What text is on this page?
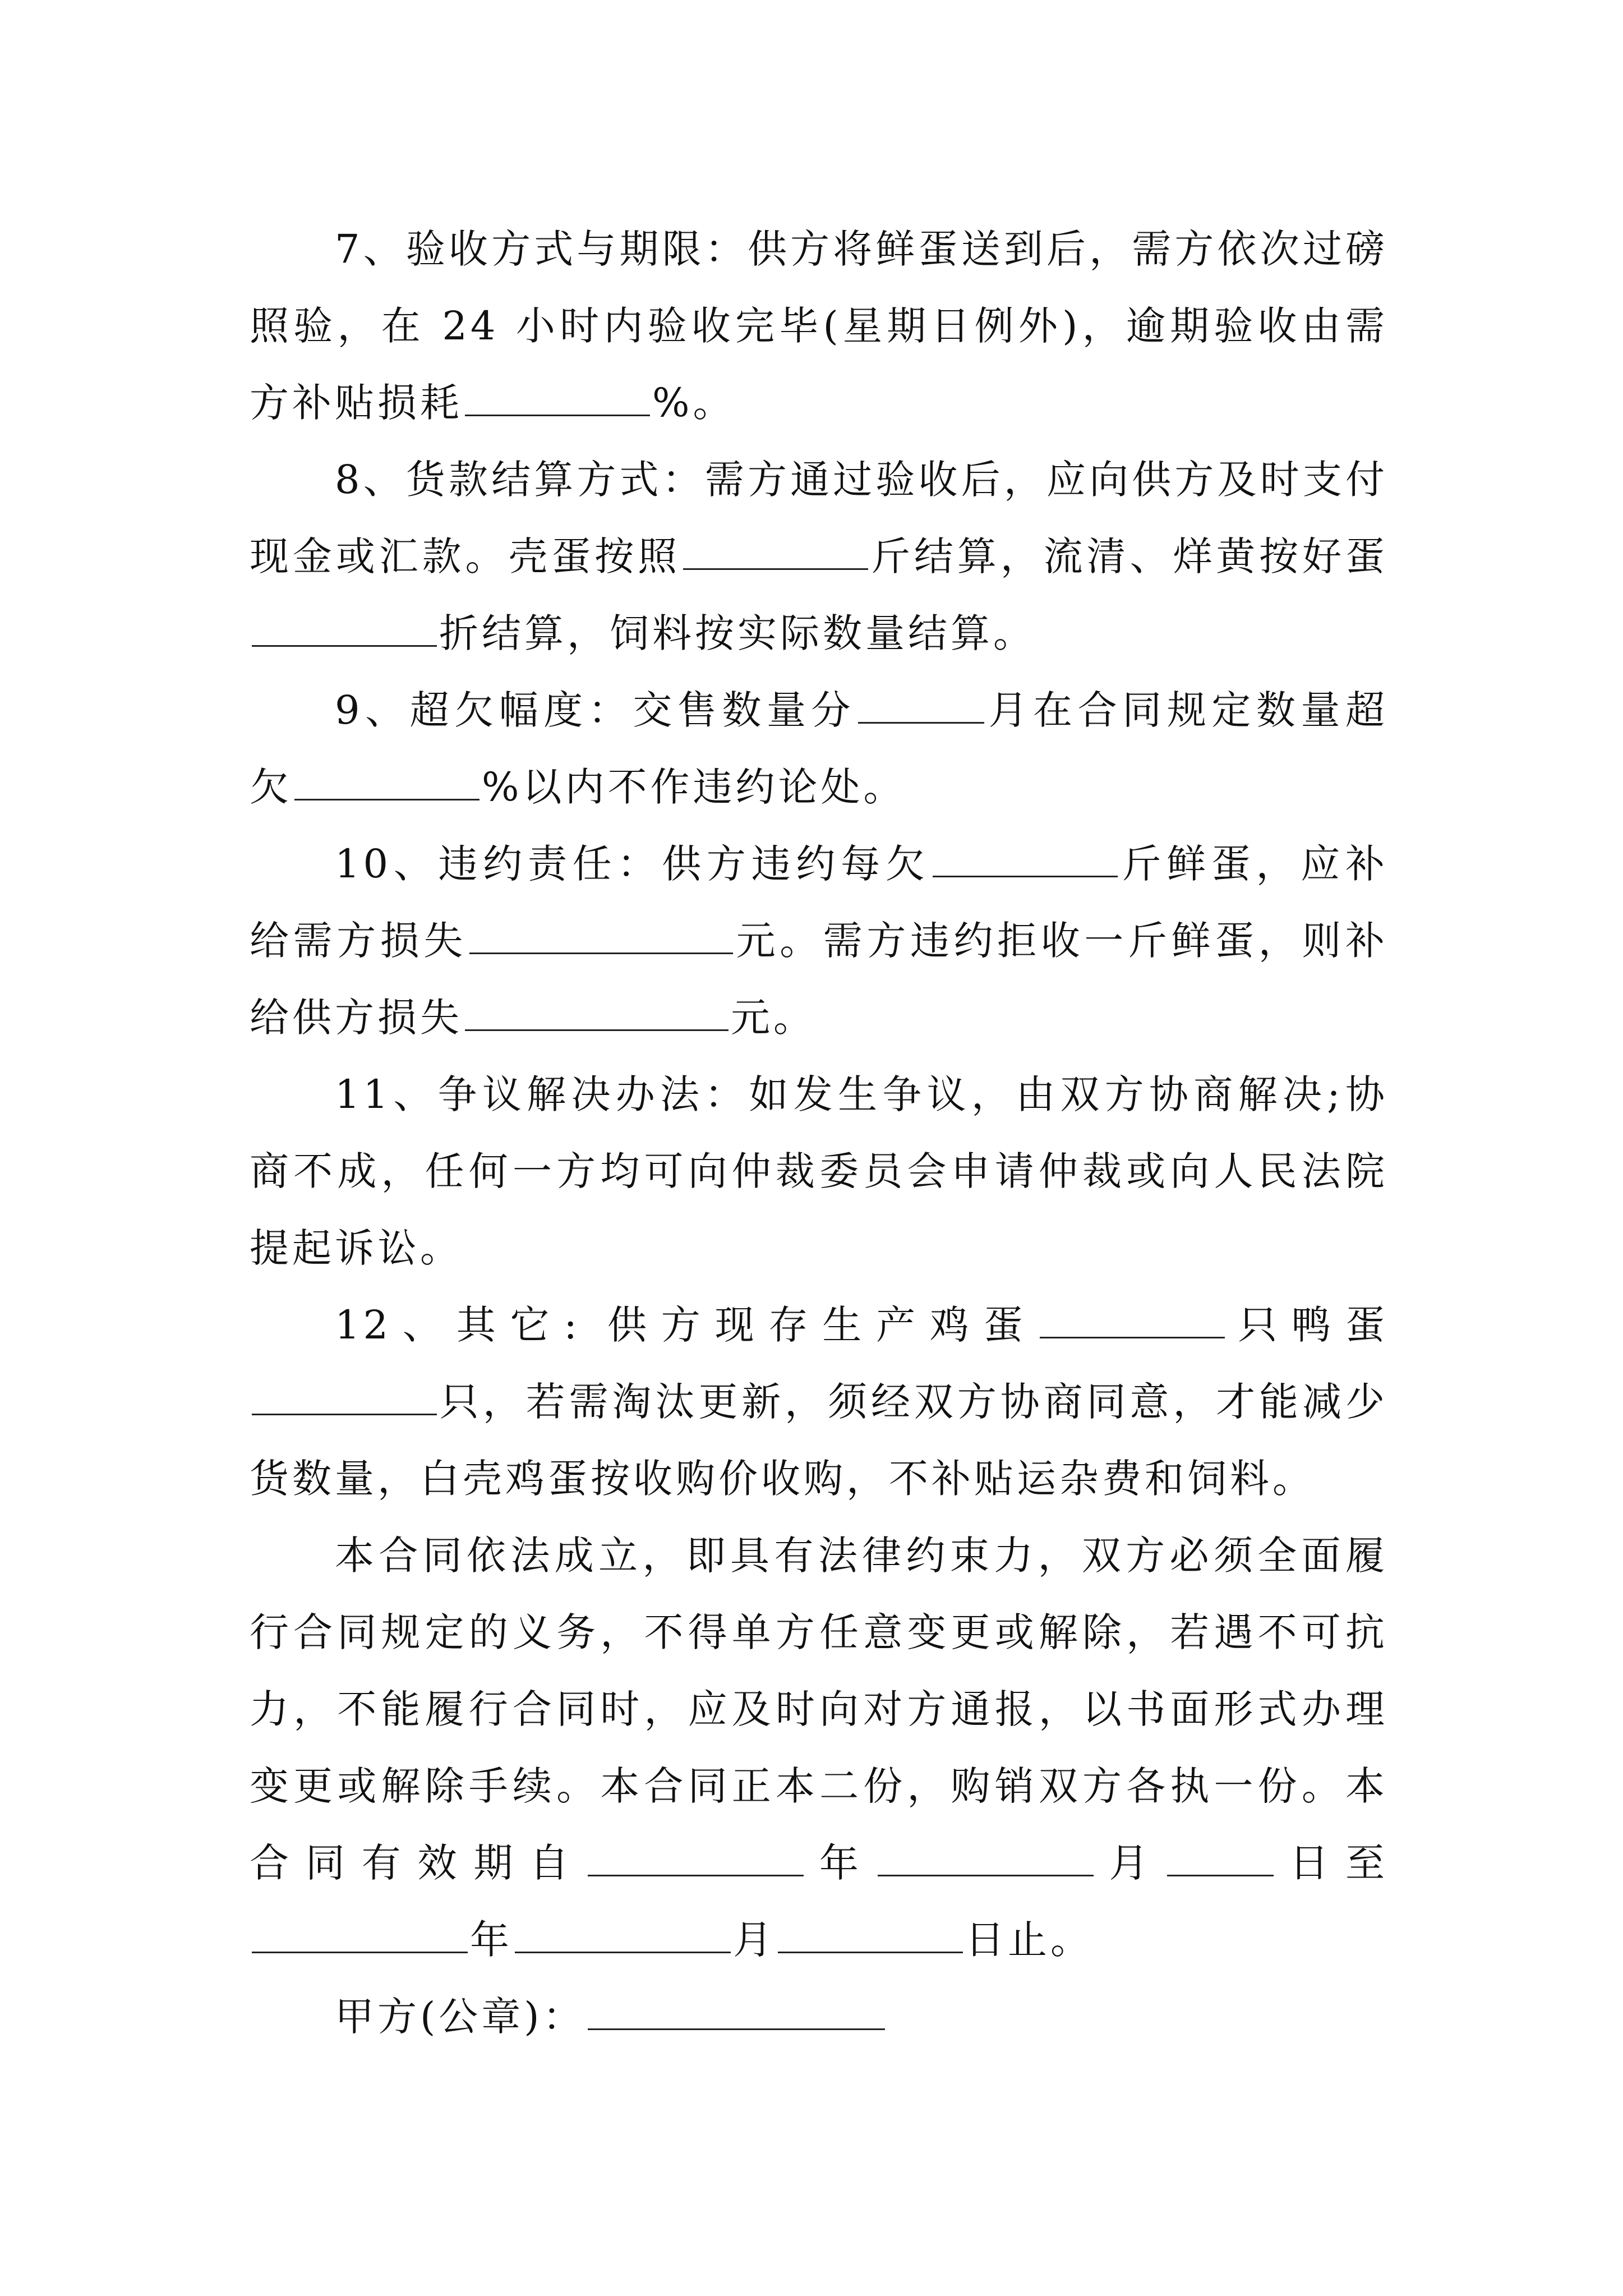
7、验收方式与期限：供方将鲜蛋送到后，需方依次过磅照验，在 24 小时内验收完毕(星期日例外)，逾期验收由需方补贴损耗	%。

8、货款结算方式：需方通过验收后，应向供方及时支付现金或汇款。壳蛋按照	斤结算，流清、烊黄按好蛋折结算，饲料按实际数量结算。

9、超欠幅度：交售数量分	月在合同规定数量超欠	%以内不作违约论处。

10、违约责任：供方违约每欠	斤鲜蛋，应补给需方损失	元。需方违约拒收一斤鲜蛋，则补给供方损失	元。

11、争议解决办法：如发生争议，由双方协商解决;协商不成，任何一方均可向仲裁委员会申请仲裁或向人民法院提起诉讼。

12、其它: 供方现存生产鸡蛋	只鸭蛋只，若需淘汰更新，须经双方协商同意，才能减少货数量，白壳鸡蛋按收购价收购，不补贴运杂费和饲料。

本合同依法成立，即具有法律约束力，双方必须全面履行合同规定的义务，不得单方任意变更或解除，若遇不可抗力，不能履行合同时，应及时向对方通报，以书面形式办理变更或解除手续。本合同正本二份，购销双方各执一份。本合同有效期自	年	月	日至年	月	日止。

甲方(公章)：
